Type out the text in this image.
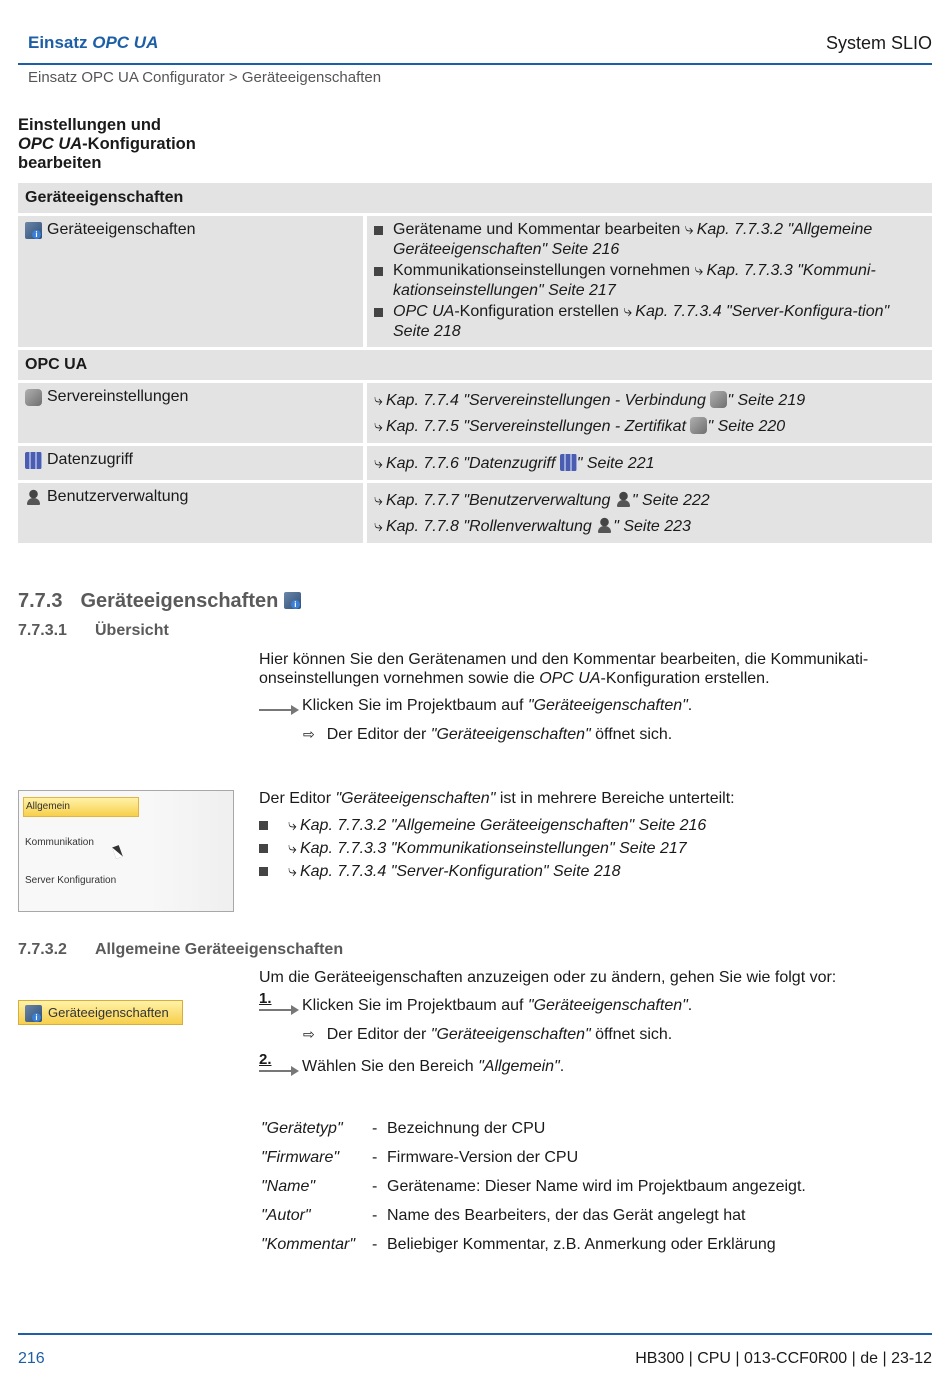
Einsatz OPC UA	System SLIO
Einsatz OPC UA Configurator > Geräteeigenschaften
Einstellungen und
OPC UA-Konfiguration
bearbeiten
Geräteeigenschaften
i
Geräteeigenschaften	Gerätename und Kommentar bearbeiten ⤷ Kap. 7.7.3.2 "Allgemeine Geräteeigenschaften" Seite 216
Kommunikationseinstellungen vornehmen ⤷ Kap. 7.7.3.3 "Kommuni-kationseinstellungen" Seite 217
OPC UA-Konfiguration erstellen ⤷ Kap. 7.7.3.4 "Server-Konfigura-tion" Seite 218
OPC UA
Servereinstellungen	⤷ Kap. 7.7.4 "Servereinstellungen - Verbindung " Seite 219
⤷ Kap. 7.7.5 "Servereinstellungen - Zertifikat " Seite 220
Datenzugriff	⤷ Kap. 7.7.6 "Datenzugriff " Seite 221
Benutzerverwaltung	⤷ Kap. 7.7.7 "Benutzerverwaltung " Seite 222
⤷ Kap. 7.7.8 "Rollenverwaltung " Seite 223
7.7.3 Geräteeigenschaften i
7.7.3.1 Übersicht
Hier können Sie den Gerätenamen und den Kommentar bearbeiten, die Kommunikati-onseinstellungen vornehmen sowie die OPC UA-Konfiguration erstellen.
Klicken Sie im Projektbaum auf
"Geräteeigenschaften" .
⇨ Der Editor der "Geräteeigenschaften" öffnet sich.
Allgemein
Kommunikation
Server Konfiguration
Der Editor "Geräteeigenschaften" ist in mehrere Bereiche unterteilt:
⤷ Kap. 7.7.3.2 "Allgemeine Geräteeigenschaften" Seite 216
⤷ Kap. 7.7.3.3 "Kommunikationseinstellungen" Seite 217
⤷ Kap. 7.7.3.4 "Server-Konfiguration" Seite 218
7.7.3.2 Allgemeine Geräteeigenschaften
Um die Geräteeigenschaften anzuzeigen oder zu ändern, gehen Sie wie folgt vor:
i
Geräteeigenschaften
1. Klicken Sie im Projektbaum auf
"Geräteeigenschaften" .
⇨ Der Editor der "Geräteeigenschaften" öffnet sich.
2. Wählen Sie den Bereich
"Allgemein" .
"Gerätetyp"	- Bezeichnung der CPU
"Firmware"	- Firmware-Version der CPU
"Name"	- Gerätename: Dieser Name wird im Projektbaum angezeigt.
"Autor"	- Name des Bearbeiters, der das Gerät angelegt hat
"Kommentar"	- Beliebiger Kommentar, z.B. Anmerkung oder Erklärung
216	HB300 | CPU | 013-CCF0R00 | de | 23-12
